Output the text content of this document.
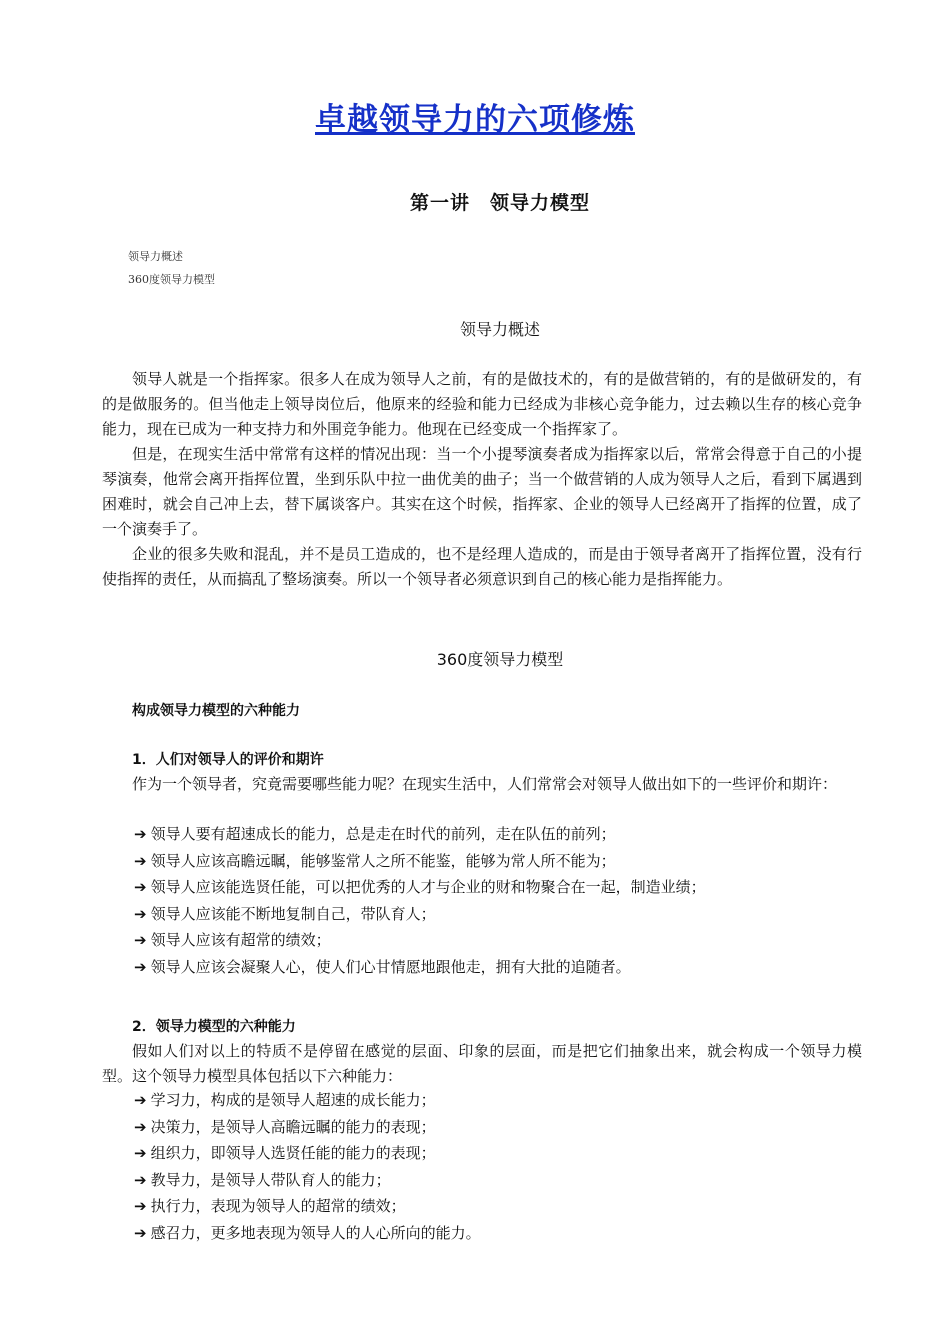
卓越领导力的六项修炼
第一讲　领导力模型
领导力概述
360度领导力模型
领导力概述

领导人就是一个指挥家。很多人在成为领导人之前，有的是做技术的，有的是做营销的，有的是做研发的，有的是做服务的。但当他走上领导岗位后，他原来的经验和能力已经成为非核心竞争能力，过去赖以生存的核心竞争能力，现在已成为一种支持力和外围竞争能力。他现在已经变成一个指挥家了。

但是，在现实生活中常常有这样的情况出现：当一个小提琴演奏者成为指挥家以后，常常会得意于自己的小提琴演奏，他常会离开指挥位置，坐到乐队中拉一曲优美的曲子；当一个做营销的人成为领导人之后，看到下属遇到困难时，就会自己冲上去，替下属谈客户。其实在这个时候，指挥家、企业的领导人已经离开了指挥的位置，成了一个演奏手了。

企业的很多失败和混乱，并不是员工造成的，也不是经理人造成的，而是由于领导者离开了指挥位置，没有行使指挥的责任，从而搞乱了整场演奏。所以一个领导者必须意识到自己的核心能力是指挥能力。

360度领导力模型
构成领导力模型的六种能力
1．人们对领导人的评价和期许

作为一个领导者，究竟需要哪些能力呢？在现实生活中，人们常常会对领导人做出如下的一些评价和期许：

➔ 领导人要有超速成长的能力，总是走在时代的前列，走在队伍的前列；
➔ 领导人应该高瞻远瞩，能够鉴常人之所不能鉴，能够为常人所不能为；
➔ 领导人应该能选贤任能，可以把优秀的人才与企业的财和物聚合在一起，制造业绩；
➔ 领导人应该能不断地复制自己，带队育人；
➔ 领导人应该有超常的绩效；
➔ 领导人应该会凝聚人心，使人们心甘情愿地跟他走，拥有大批的追随者。
2．领导力模型的六种能力

假如人们对以上的特质不是停留在感觉的层面、印象的层面，而是把它们抽象出来，就会构成一个领导力模型。这个领导力模型具体包括以下六种能力：

➔ 学习力，构成的是领导人超速的成长能力；
➔ 决策力，是领导人高瞻远瞩的能力的表现；
➔ 组织力，即领导人选贤任能的能力的表现；
➔ 教导力，是领导人带队育人的能力；
➔ 执行力，表现为领导人的超常的绩效；
➔ 感召力，更多地表现为领导人的人心所向的能力。
